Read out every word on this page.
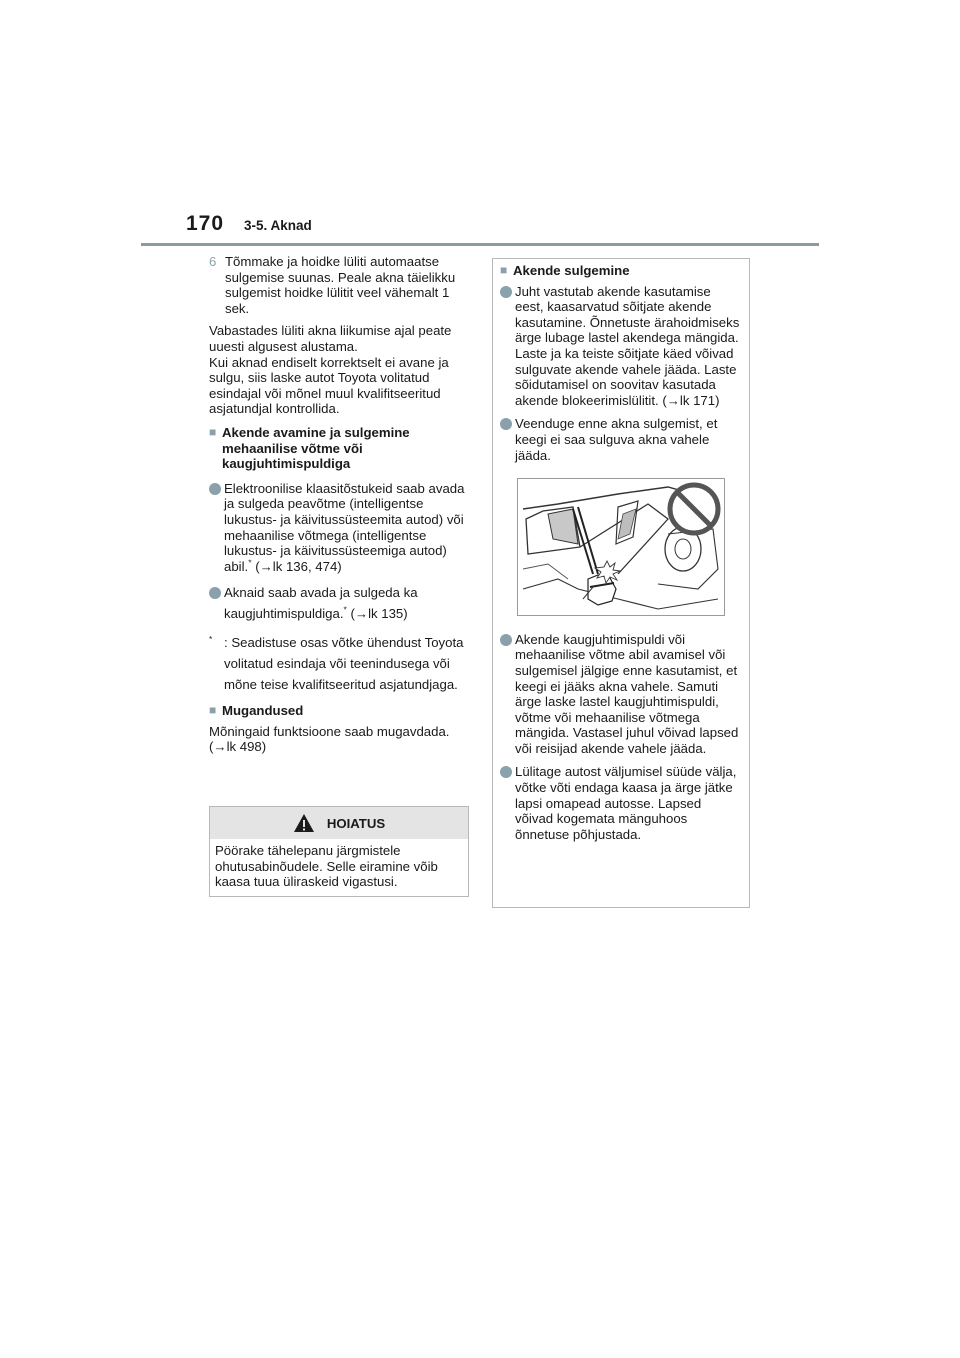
170 3-5. Aknad
6 Tõmmake ja hoidke lüliti automaatse sulgemise suunas. Peale akna täielikku sulgemist hoidke lülitit veel vähemalt 1 sek.

Vabastades lüliti akna liikumise ajal peate uuesti algusest alustama.

Kui aknad endiselt korrektselt ei avane ja sulgu, siis laske autot Toyota volitatud esindajal või mõnel muul kvalifitseeritud asjatundjal kontrollida.

■ Akende avamine ja sulgemine mehaanilise võtme või kaugjuhtimispuldiga
Elektroonilise klaasitõstukeid saab avada ja sulgeda peavõtme (intelligentse lukustus- ja käivitussüsteemita autod) või mehaanilise võtmega (intelligentse lukustus- ja käivitussüsteemiga autod) abil.* (→lk 136, 474)
Aknaid saab avada ja sulgeda ka kaugjuhtimispuldiga.* (→lk 135)
* : Seadistuse osas võtke ühendust Toyota volitatud esindaja või teenindusega või mõne teise kvalifitseeritud asjatundjaga.
■ Mugandused

Mõningaid funktsioone saab mugavdada. (→lk 498)

HOIATUS
Pöörake tähelepanu järgmistele ohutusabinõudele. Selle eiramine võib kaasa tuua üliraskeid vigastusi.
■ Akende sulgemine
Juht vastutab akende kasutamise eest, kaasarvatud sõitjate akende kasutamine. Õnnetuste ärahoidmiseks ärge lubage lastel akendega mängida. Laste ja ka teiste sõitjate käed võivad sulguvate akende vahele jääda. Laste sõidutamisel on soovitav kasutada akende blokeerimislülitit. (→lk 171)
Veenduge enne akna sulgemist, et keegi ei saa sulguva akna vahele jääda.
Akende kaugjuhtimispuldi või mehaanilise võtme abil avamisel või sulgemisel jälgige enne kasutamist, et keegi ei jääks akna vahele. Samuti ärge laske lastel kaugjuhtimispuldi, võtme või mehaanilise võtmega mängida. Vastasel juhul võivad lapsed või reisijad akende vahele jääda.
Lülitage autost väljumisel süüde välja, võtke võti endaga kaasa ja ärge jätke lapsi omapead autosse. Lapsed võivad kogemata mänguhoos õnnetuse põhjustada.
